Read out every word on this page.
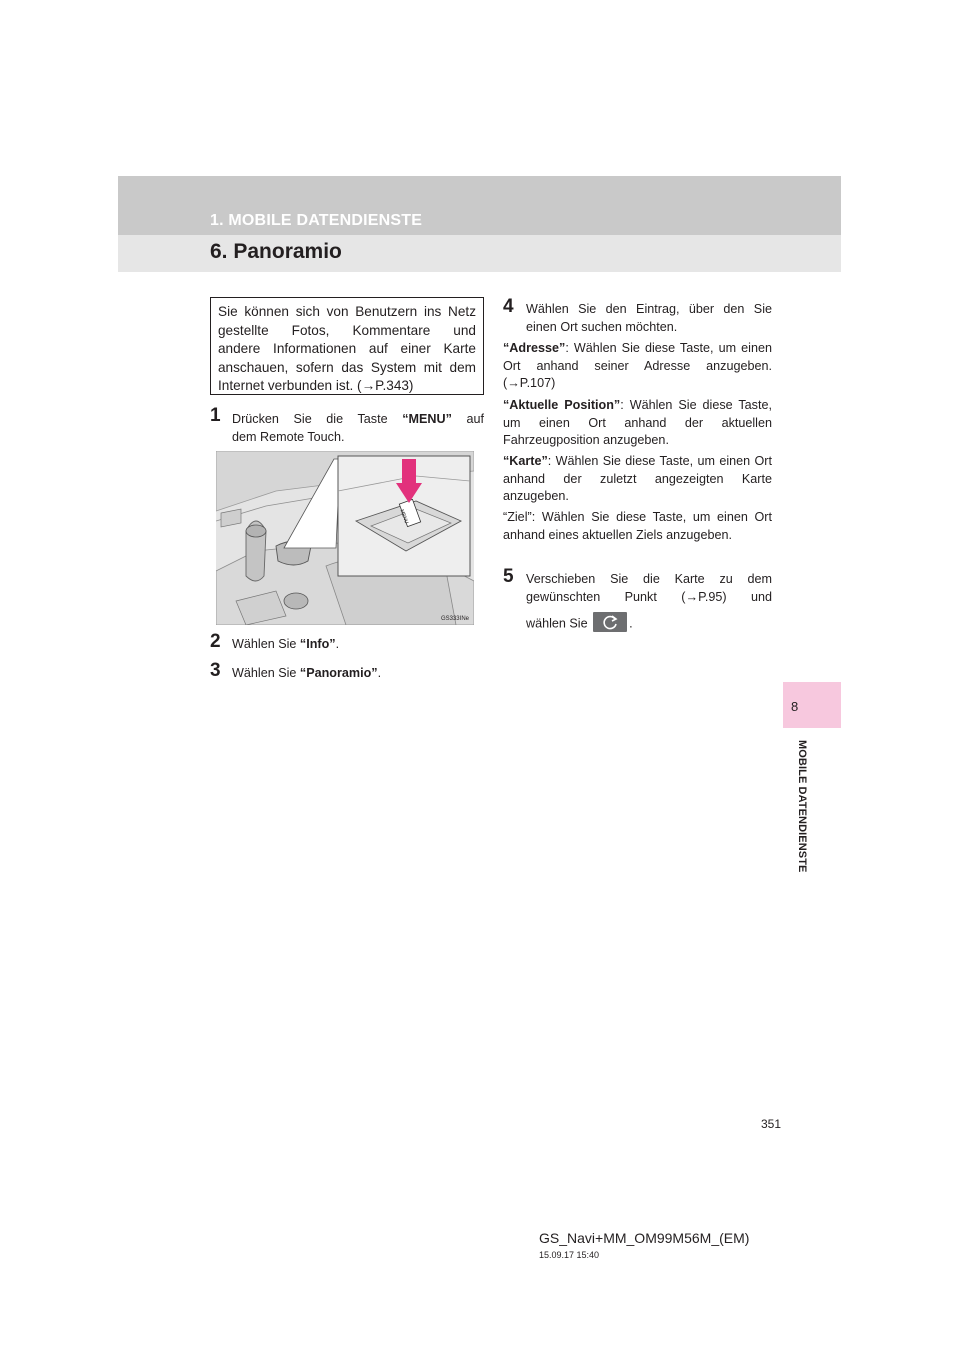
1. MOBILE DATENDIENSTE
6. Panoramio
8
MOBILE DATENDIENSTE
Sie können sich von Benutzern ins Netz
gestellte Fotos, Kommentare und
andere Informationen auf einer Karte
anschauen, sofern das System mit dem
Internet verbunden ist. (→P.343)
1 Drücken Sie die Taste “MENU” auf
dem Remote Touch.
MENU
GS333INe
2 Wählen Sie “Info”.
3 Wählen Sie “Panoramio”.
4 Wählen Sie den Eintrag, über den Sie
einen Ort suchen möchten.
“Adresse”: Wählen Sie diese Taste, um einen Ort anhand seiner Adresse anzugeben. (→P.107)
“Aktuelle Position”: Wählen Sie diese Taste, um einen Ort anhand der aktuellen Fahrzeugposition anzugeben.
“Karte”: Wählen Sie diese Taste, um einen Ort anhand der zuletzt angezeigten Karte anzugeben.
“Ziel”: Wählen Sie diese Taste, um einen Ort anhand eines aktuellen Ziels anzugeben.
5 Verschieben Sie die Karte zu dem
gewünschten Punkt (→P.95) und
wählen Sie	.
351
GS_Navi+MM_OM99M56M_(EM)
15.09.17 15:40
